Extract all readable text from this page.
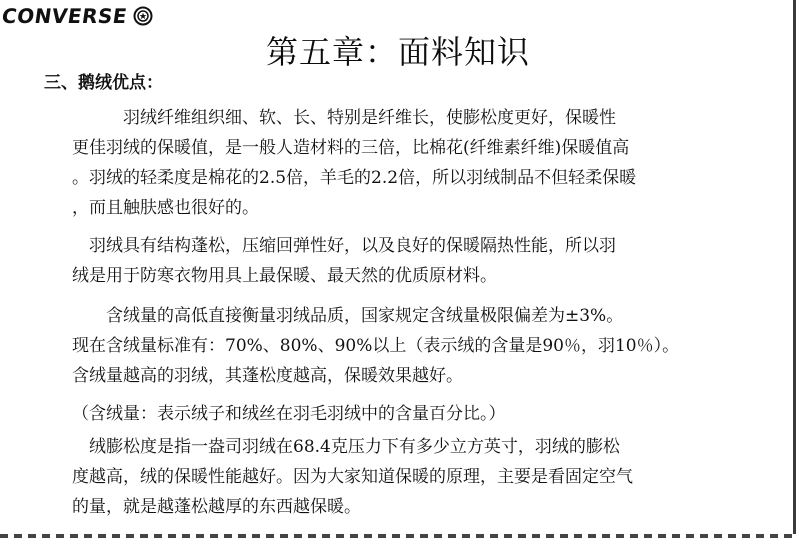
CONVERSE
第五章：面料知识
三、鹅绒优点：
　　　羽绒纤维组织细、软、长、特别是纤维长，使膨松度更好，保暖性
更佳羽绒的保暖值，是一般人造材料的三倍，比棉花(纤维素纤维)保暖值高
。羽绒的轻柔度是棉花的2.5倍，羊毛的2.2倍，所以羽绒制品不但轻柔保暖
，而且触肤感也很好的。
　羽绒具有结构蓬松，压缩回弹性好，以及良好的保暖隔热性能，所以羽
绒是用于防寒衣物用具上最保暖、最天然的优质原材料。
　　含绒量的高低直接衡量羽绒品质，国家规定含绒量极限偏差为±3%。
现在含绒量标准有：70%、80%、90%以上（表示绒的含量是90％，羽10％）。
含绒量越高的羽绒，其蓬松度越高，保暖效果越好。
（含绒量：表示绒子和绒丝在羽毛羽绒中的含量百分比。）
　绒膨松度是指一盎司羽绒在68.4克压力下有多少立方英寸，羽绒的膨松
度越高，绒的保暖性能越好。因为大家知道保暖的原理，主要是看固定空气
的量，就是越蓬松越厚的东西越保暖。
